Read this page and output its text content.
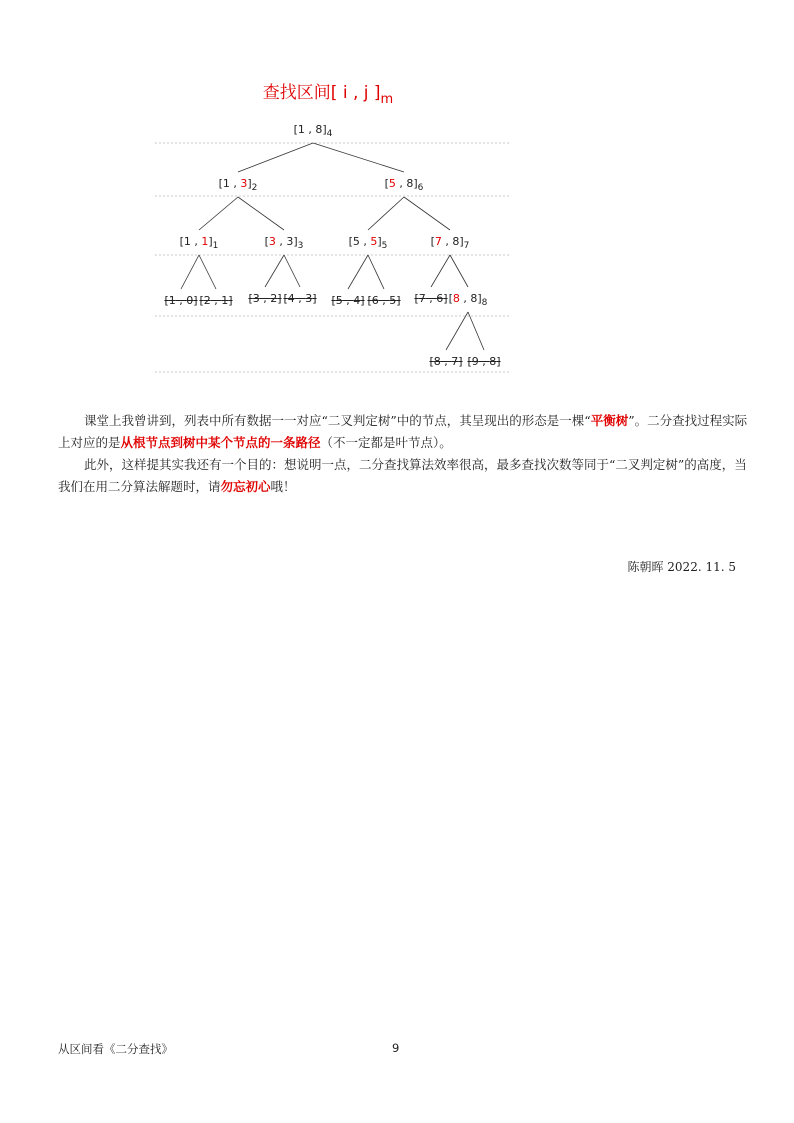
查找区间[ i , j ]$_m$
[1 , $8]_4$
[1 , $3]_2$	[5 , $8]_6$
[1 , $1]_1$	[3 , $3]_3$	[5 , $5]_5$	[7 , $8]_7$
[1 , 0] [2 , 1] [3 , 2] [4 , 3] [5 , 4] [6 , 5] [7 , 6] [8 , $8]_8$
[8 , 7] [9 , 8]
课堂上我曾讲到，列表中所有数据一一对应“二叉判定树”中的节点，其呈现出的形态是一棵“平衡树”。二分查找过程实际上对应的是从根节点到树中某个节点的一条路径（不一定都是叶节点）。
此外，这样提其实我还有一个目的：想说明一点，二分查找算法效率很高，最多查找次数等同于“二叉判定树”的高度，当我们在用二分算法解题时，请勿忘初心哦！
陈朝晖 2022. 11. 5
从区间看《二分查找》	9
